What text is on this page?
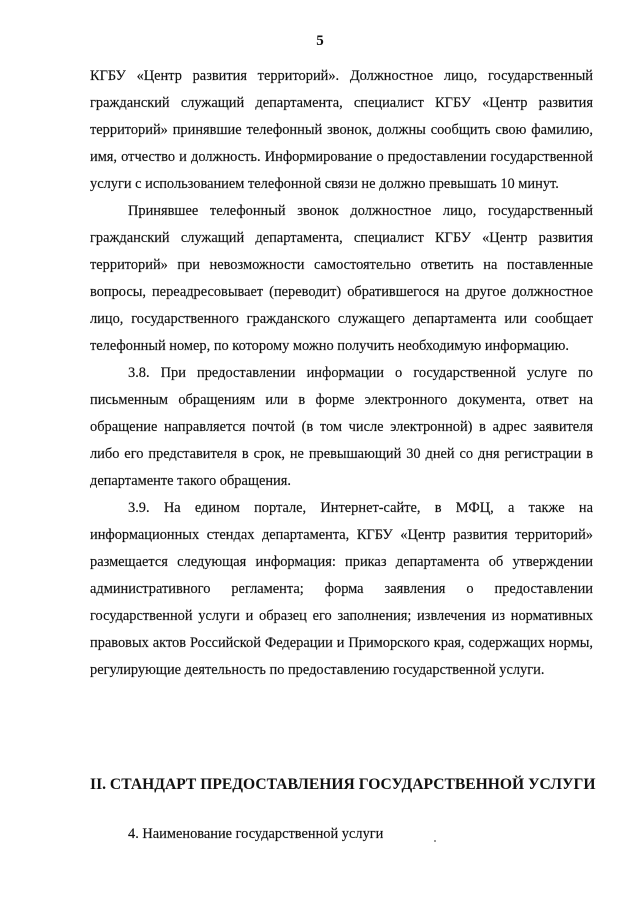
5

КГБУ «Центр развития территорий». Должностное лицо, государственный гражданский служащий департамента, специалист КГБУ «Центр развития территорий» принявшие телефонный звонок, должны сообщить свою фамилию, имя, отчество и должность. Информирование о предоставлении государственной услуги с использованием телефонной связи не должно превышать 10 минут.

Принявшее телефонный звонок должностное лицо, государственный гражданский служащий департамента, специалист КГБУ «Центр развития территорий» при невозможности самостоятельно ответить на поставленные вопросы, переадресовывает (переводит) обратившегося на другое должностное лицо, государственного гражданского служащего департамента или сообщает телефонный номер, по которому можно получить необходимую информацию.

3.8. При предоставлении информации о государственной услуге по письменным обращениям или в форме электронного документа, ответ на обращение направляется почтой (в том числе электронной) в адрес заявителя либо его представителя в срок, не превышающий 30 дней со дня регистрации в департаменте такого обращения.

3.9. На едином портале, Интернет-сайте, в МФЦ, а также на информационных стендах департамента, КГБУ «Центр развития территорий» размещается следующая информация: приказ департамента об утверждении административного регламента; форма заявления о предоставлении государственной услуги и образец его заполнения; извлечения из нормативных правовых актов Российской Федерации и Приморского края, содержащих нормы, регулирующие деятельность по предоставлению государственной услуги.

II. СТАНДАРТ ПРЕДОСТАВЛЕНИЯ ГОСУДАРСТВЕННОЙ УСЛУГИ

4. Наименование государственной услуги
